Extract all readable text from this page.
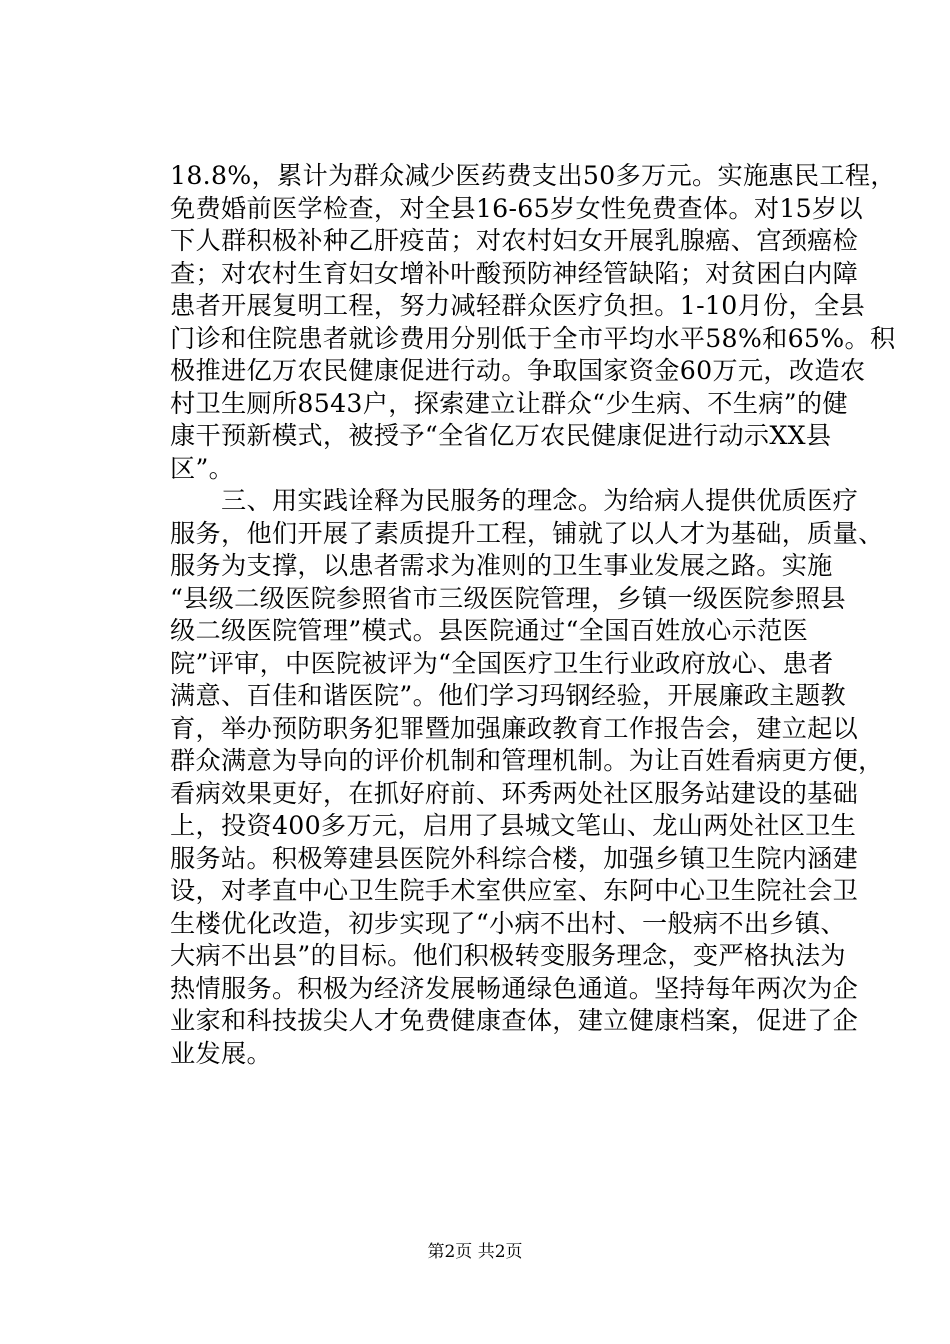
18.8%，累计为群众减少医药费支出50多万元。实施惠民工程，
免费婚前医学检查，对全县16-65岁女性免费查体。对15岁以
下人群积极补种乙肝疫苗；对农村妇女开展乳腺癌、宫颈癌检
查；对农村生育妇女增补叶酸预防神经管缺陷；对贫困白内障
患者开展复明工程，努力减轻群众医疗负担。1-10月份，全县
门诊和住院患者就诊费用分别低于全市平均水平58%和65%。积
极推进亿万农民健康促进行动。争取国家资金60万元，改造农
村卫生厕所8543户，探索建立让群众“少生病、不生病”的健
康干预新模式，被授予“全省亿万农民健康促进行动示XX县
区”。
　　三、用实践诠释为民服务的理念。为给病人提供优质医疗
服务，他们开展了素质提升工程，铺就了以人才为基础，质量、
服务为支撑，以患者需求为准则的卫生事业发展之路。实施
“县级二级医院参照省市三级医院管理，乡镇一级医院参照县
级二级医院管理”模式。县医院通过“全国百姓放心示范医
院”评审，中医院被评为“全国医疗卫生行业政府放心、患者
满意、百佳和谐医院”。他们学习玛钢经验，开展廉政主题教
育，举办预防职务犯罪暨加强廉政教育工作报告会，建立起以
群众满意为导向的评价机制和管理机制。为让百姓看病更方便，
看病效果更好，在抓好府前、环秀两处社区服务站建设的基础
上，投资400多万元，启用了县城文笔山、龙山两处社区卫生
服务站。积极筹建县医院外科综合楼，加强乡镇卫生院内涵建
设，对孝直中心卫生院手术室供应室、东阿中心卫生院社会卫
生楼优化改造，初步实现了“小病不出村、一般病不出乡镇、
大病不出县”的目标。他们积极转变服务理念，变严格执法为
热情服务。积极为经济发展畅通绿色通道。坚持每年两次为企
业家和科技拔尖人才免费健康查体，建立健康档案，促进了企
业发展。
第2页 共2页
